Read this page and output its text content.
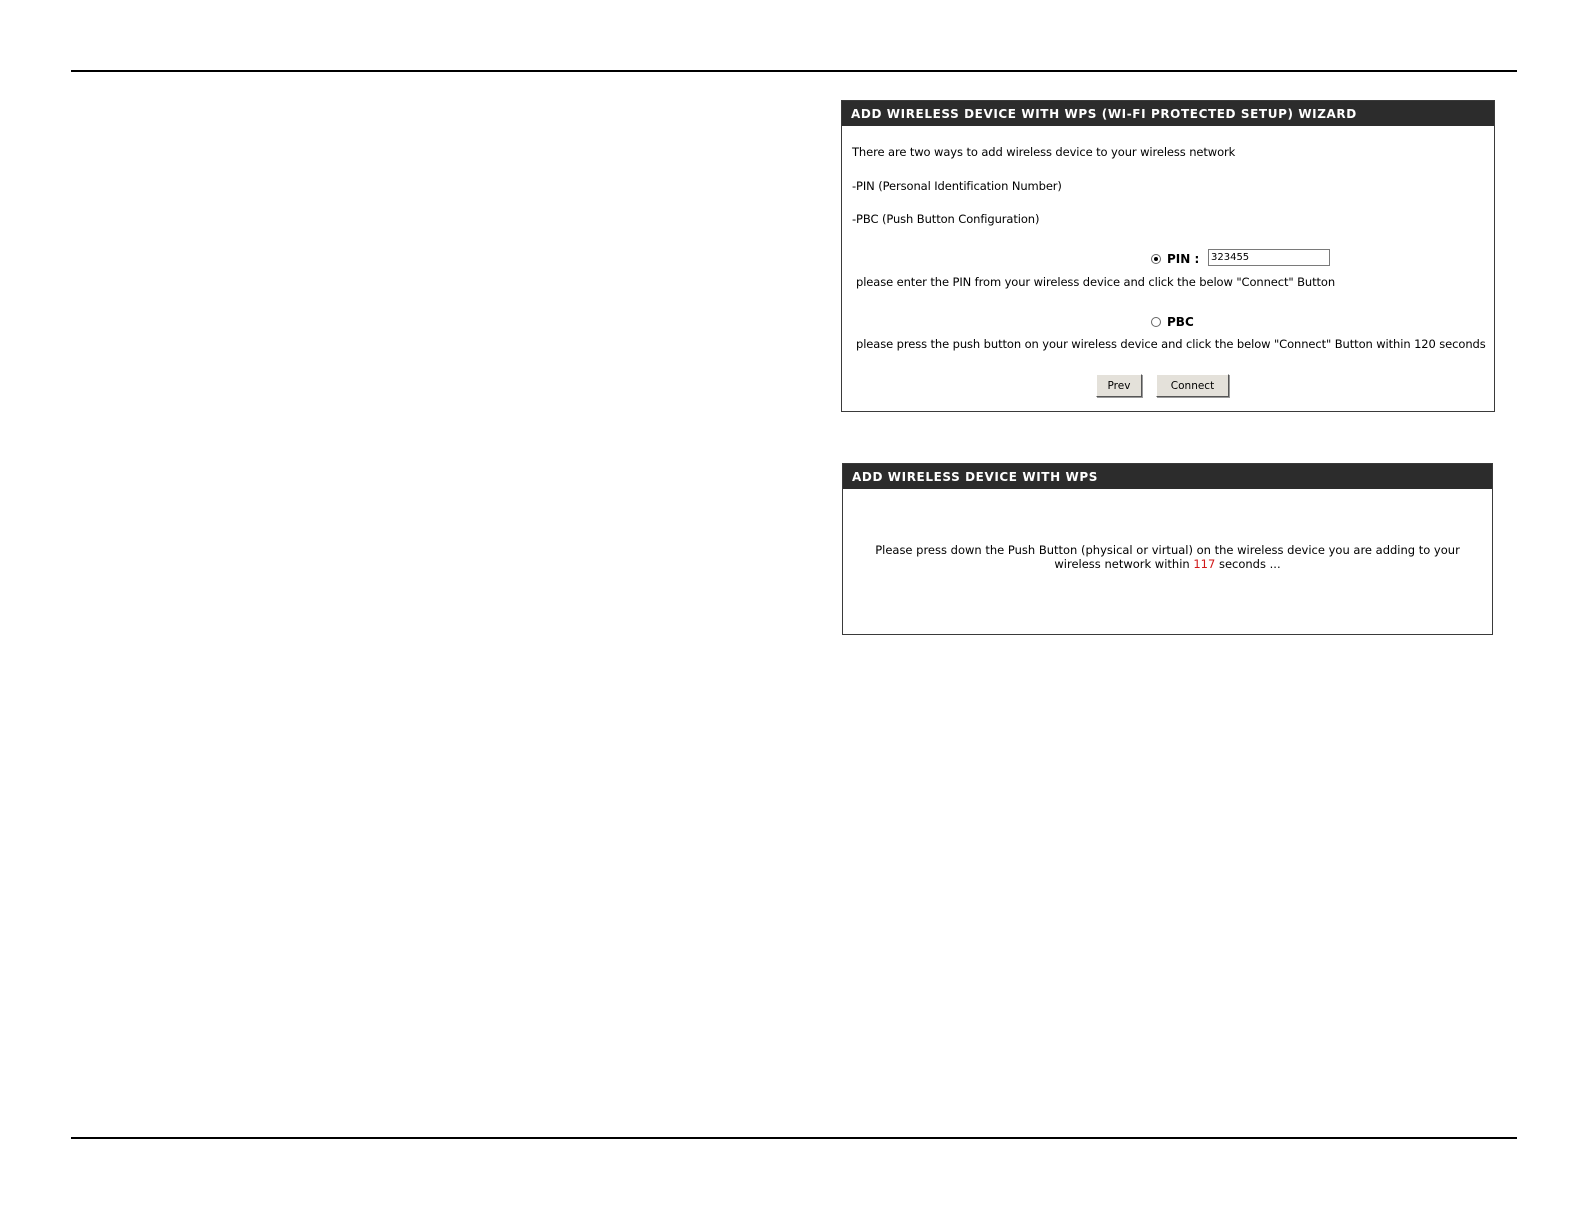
ADD WIRELESS DEVICE WITH WPS (WI-FI PROTECTED SETUP) WIZARD
There are two ways to add wireless device to your wireless network
-PIN (Personal Identification Number)
-PBC (Push Button Configuration)
PIN :
323455
please enter the PIN from your wireless device and click the below "Connect" Button
PBC
please press the push button on your wireless device and click the below "Connect" Button within 120 seconds
Prev	Connect
ADD WIRELESS DEVICE WITH WPS
Please press down the Push Button (physical or virtual) on the wireless device you are adding to your wireless network within 117 seconds ...
